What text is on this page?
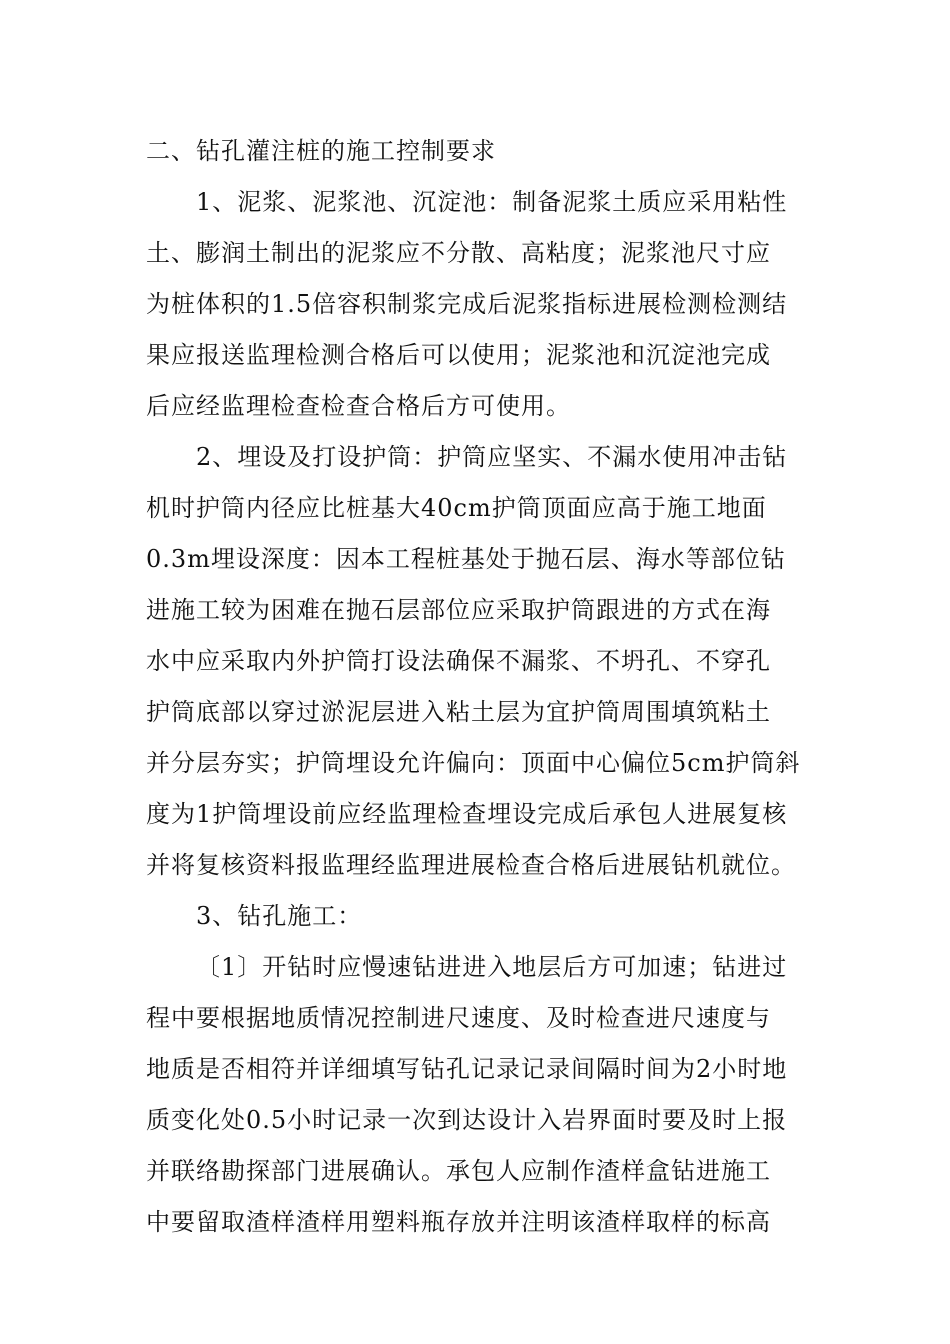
二、钻孔灌注桩的施工控制要求
1、泥浆、泥浆池、沉淀池：制备泥浆土质应采用粘性
土、膨润土制出的泥浆应不分散、高粘度；泥浆池尺寸应
为桩体积的1.5倍容积制浆完成后泥浆指标进展检测检测结
果应报送监理检测合格后可以使用；泥浆池和沉淀池完成
后应经监理检查检查合格后方可使用。
2、埋设及打设护筒：护筒应坚实、不漏水使用冲击钻
机时护筒内径应比桩基大40cm护筒顶面应高于施工地面
0.3m埋设深度：因本工程桩基处于抛石层、海水等部位钻
进施工较为困难在抛石层部位应采取护筒跟进的方式在海
水中应采取内外护筒打设法确保不漏浆、不坍孔、不穿孔
护筒底部以穿过淤泥层进入粘土层为宜护筒周围填筑粘土
并分层夯实；护筒埋设允许偏向：顶面中心偏位5cm护筒斜
度为1护筒埋设前应经监理检查埋设完成后承包人进展复核
并将复核资料报监理经监理进展检查合格后进展钻机就位。
3、钻孔施工：
〔1〕开钻时应慢速钻进进入地层后方可加速；钻进过
程中要根据地质情况控制进尺速度、及时检查进尺速度与
地质是否相符并详细填写钻孔记录记录间隔时间为2小时地
质变化处0.5小时记录一次到达设计入岩界面时要及时上报
并联络勘探部门进展确认。承包人应制作渣样盒钻进施工
中要留取渣样渣样用塑料瓶存放并注明该渣样取样的标高
